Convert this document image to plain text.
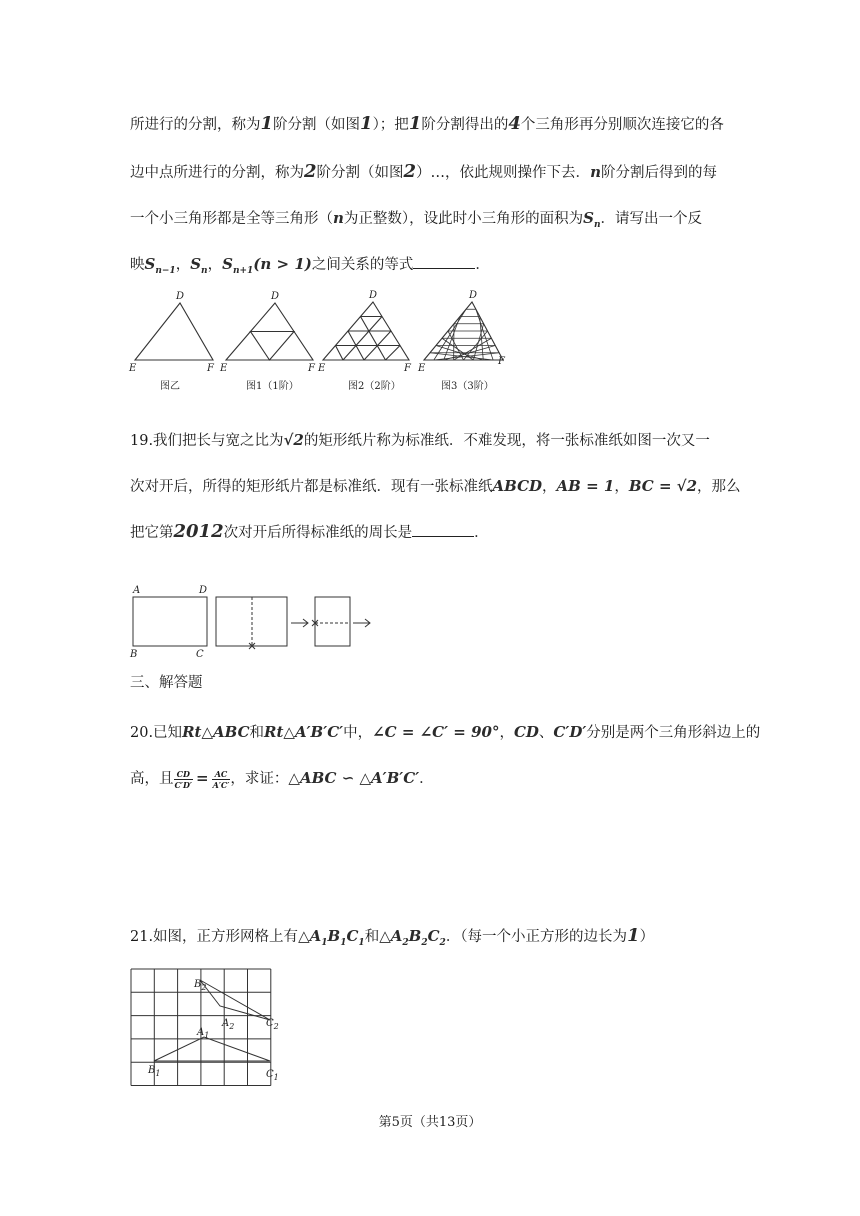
所进行的分割，称为1阶分割（如图1）；把1阶分割得出的4个三角形再分别顺次连接它的各
边中点所进行的分割，称为2阶分割（如图2）…，依此规则操作下去．n阶分割后得到的每
一个小三角形都是全等三角形（n为正整数），设此时小三角形的面积为$S_n$．请写出一个反
映$S_{n-1}$，$S_n$，$S_{n+1}(n > 1)$之间关系的等式	．
D
E	F
D
E	F
D
E	F
D
E
F
图乙	图1（1阶）	图2（2阶）	图3（3阶）
19.我们把长与宽之比为√2的矩形纸片称为标准纸．不难发现，将一张标准纸如图一次又一
次对开后，所得的矩形纸片都是标准纸．现有一张标准纸ABCD，AB = 1，BC = √2，那么
把它第2012次对开后所得标准纸的周长是	．
A	D
B	C
三、解答题
20.已知Rt△ABC和Rt△A′B′C′中，∠C = ∠C′ = 90°，CD、C′D′分别是两个三角形斜边上的
高，且 $\frac{CD}{C'D'} = \frac{AC}{A'C'}$ ，求证：△ABC ∽ △A′B′C′．
21.如图，正方形网格上有$\triangle A_1B_1C_1$和$\triangle A_2B_2C_2$．（每一个小正方形的边长为1）
$B_2$
$A_2$	$C_2$
$A_1$
$B_1$	$C_1$
第5页（共13页）
